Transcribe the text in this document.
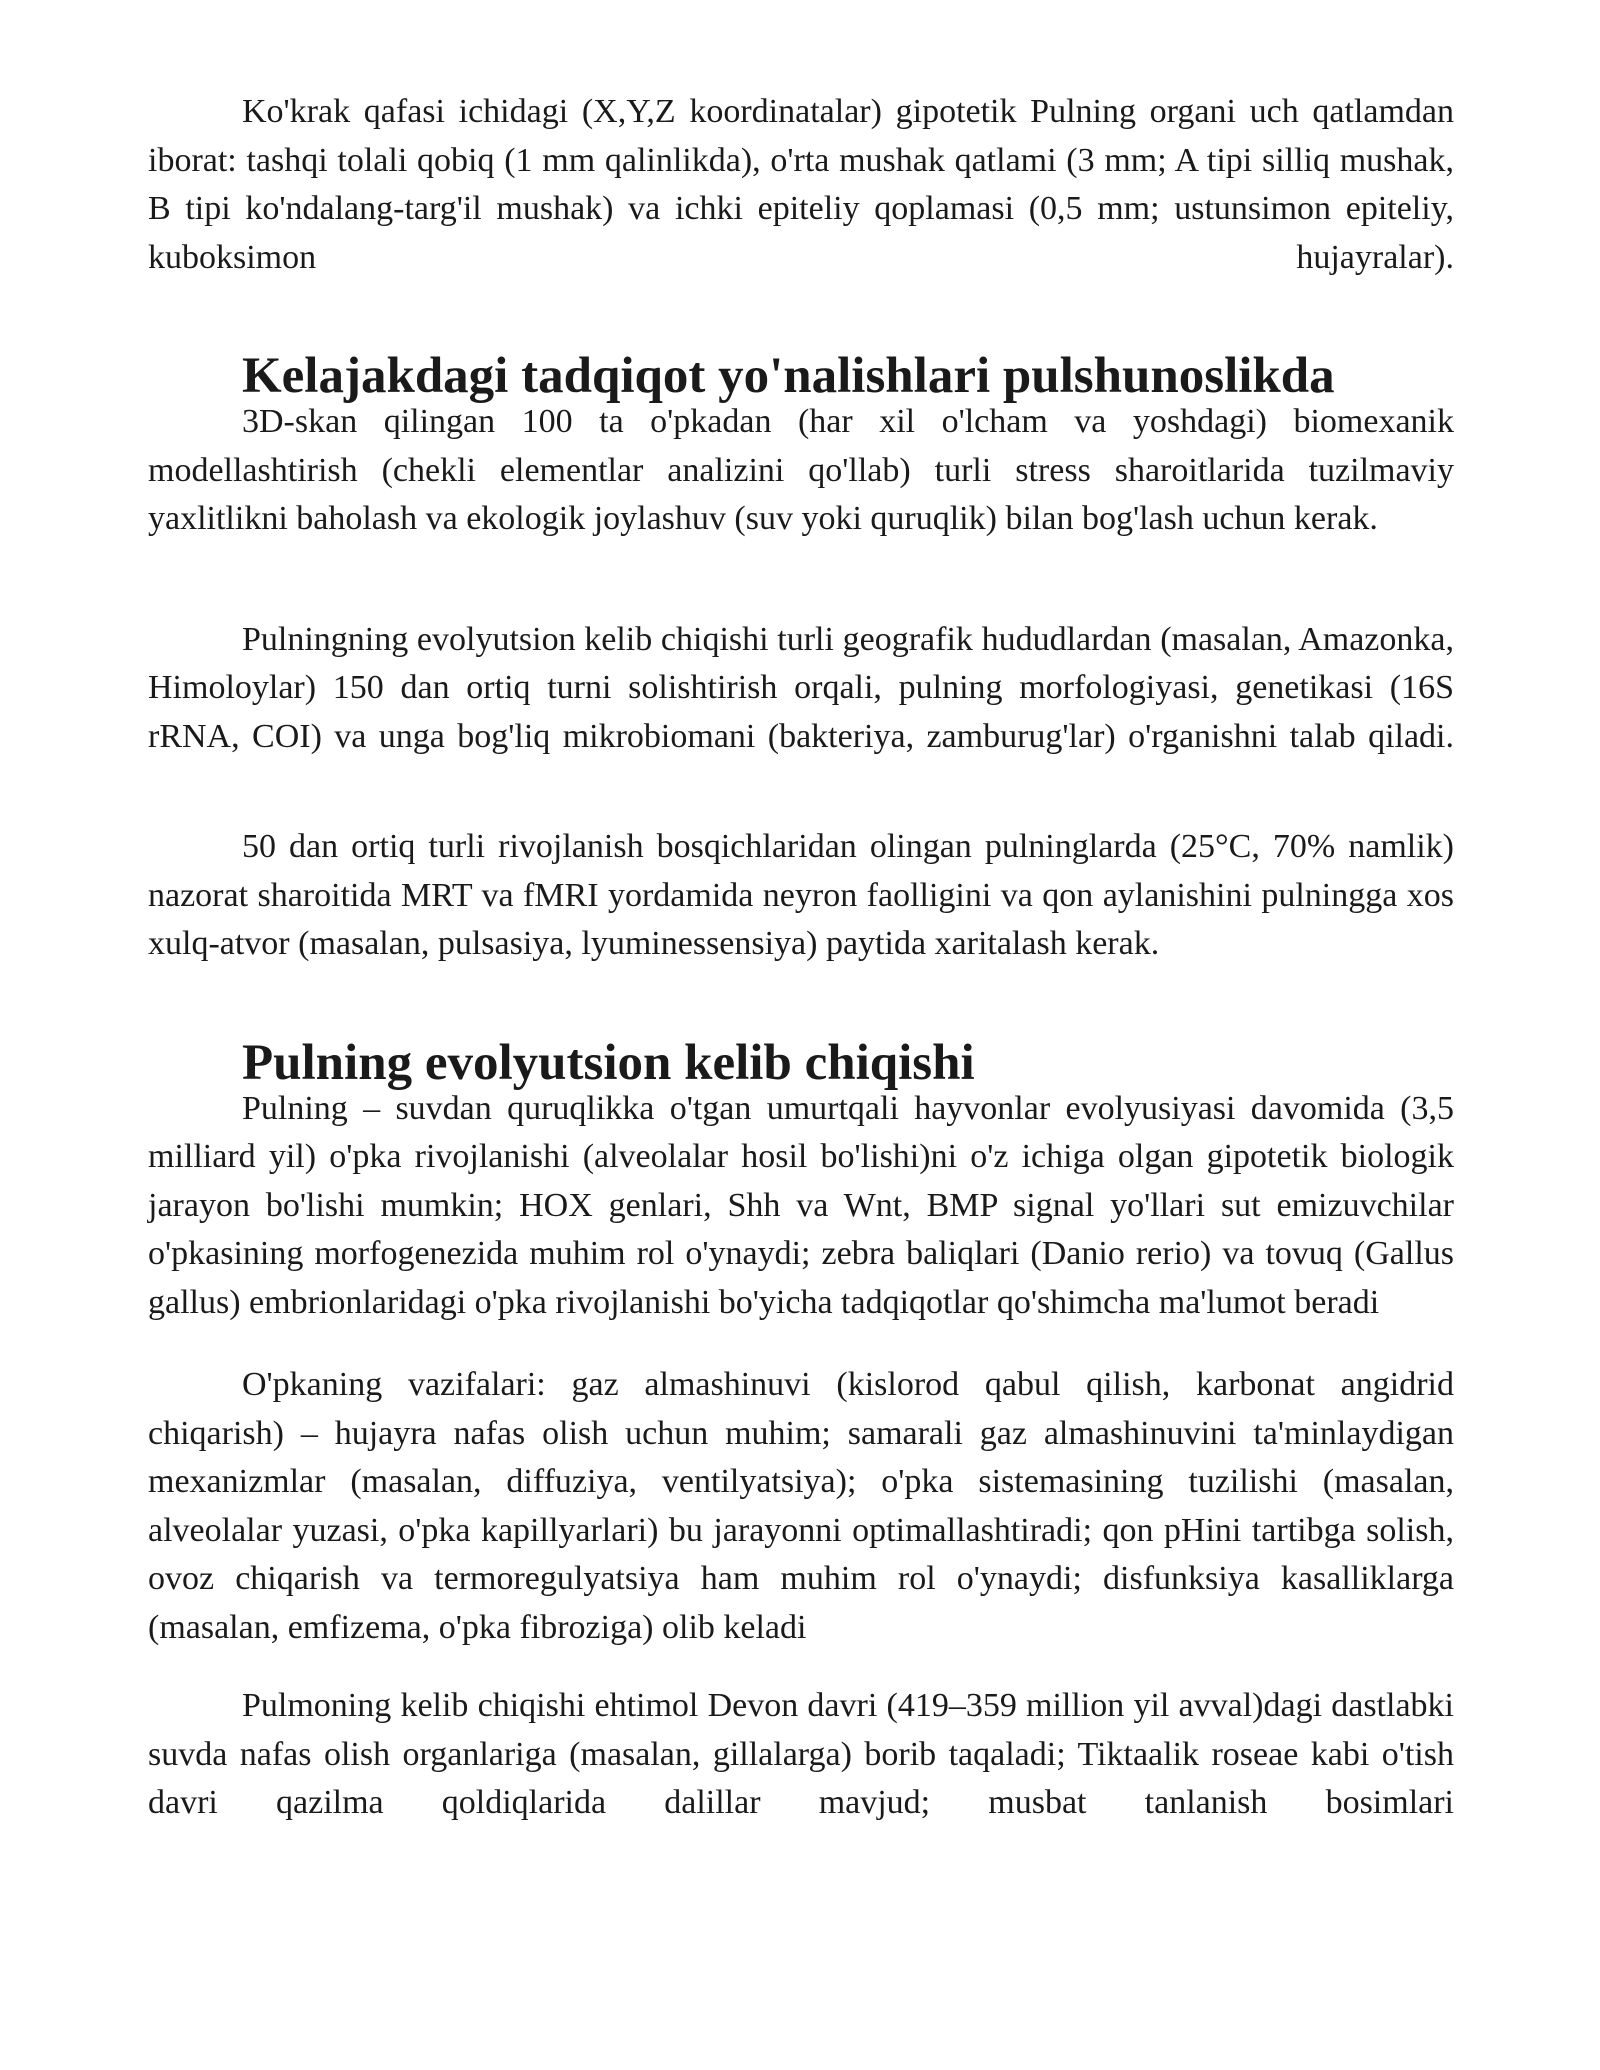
Ko'krak qafasi ichidagi (X,Y,Z koordinatalar) gipotetik Pulning organi uch qatlamdan iborat: tashqi tolali qobiq (1 mm qalinlikda), o'rta mushak qatlami (3 mm; A tipi silliq mushak, B tipi ko'ndalang-targ'il mushak) va ichki epiteliy qoplamasi (0,5 mm; ustunsimon epiteliy, kuboksimon hujayralar).

Kelajakdagi tadqiqot yo'nalishlari pulshunoslikda

3D-skan qilingan 100 ta o'pkadan (har xil o'lcham va yoshdagi) biomexanik modellashtirish (chekli elementlar analizini qo'llab) turli stress sharoitlarida tuzilmaviy yaxlitlikni baholash va ekologik joylashuv (suv yoki quruqlik) bilan bog'lash uchun kerak.

Pulningning evolyutsion kelib chiqishi turli geografik hududlardan (masalan, Amazonka, Himoloylar) 150 dan ortiq turni solishtirish orqali, pulning morfologiyasi, genetikasi (16S rRNA, COI) va unga bog'liq mikrobiomani (bakteriya, zamburug'lar) o'rganishni talab qiladi.

50 dan ortiq turli rivojlanish bosqichlaridan olingan pulninglarda (25°C, 70% namlik) nazorat sharoitida MRT va fMRI yordamida neyron faolligini va qon aylanishini pulningga xos xulq-atvor (masalan, pulsasiya, lyuminessensiya) paytida xaritalash kerak.

Pulning evolyutsion kelib chiqishi

Pulning – suvdan quruqlikka o'tgan umurtqali hayvonlar evolyusiyasi davomida (3,5 milliard yil) o'pka rivojlanishi (alveolalar hosil bo'lishi)ni o'z ichiga olgan gipotetik biologik jarayon bo'lishi mumkin; HOX genlari, Shh va Wnt, BMP signal yo'llari sut emizuvchilar o'pkasining morfogenezida muhim rol o'ynaydi; zebra baliqlari (Danio rerio) va tovuq (Gallus gallus) embrionlaridagi o'pka rivojlanishi bo'yicha tadqiqotlar qo'shimcha ma'lumot beradi

O'pkaning vazifalari: gaz almashinuvi (kislorod qabul qilish, karbonat angidrid chiqarish) – hujayra nafas olish uchun muhim; samarali gaz almashinuvini ta'minlaydigan mexanizmlar (masalan, diffuziya, ventilyatsiya); o'pka sistemasining tuzilishi (masalan, alveolalar yuzasi, o'pka kapillyarlari) bu jarayonni optimallashtiradi; qon pHini tartibga solish, ovoz chiqarish va termoregulyatsiya ham muhim rol o'ynaydi; disfunksiya kasalliklarga (masalan, emfizema, o'pka fibroziga) olib keladi

Pulmoning kelib chiqishi ehtimol Devon davri (419–359 million yil avval)dagi dastlabki suvda nafas olish organlariga (masalan, gillalarga) borib taqaladi; Tiktaalik roseae kabi o'tish davri qazilma qoldiqlarida dalillar mavjud; musbat tanlanish bosimlari
